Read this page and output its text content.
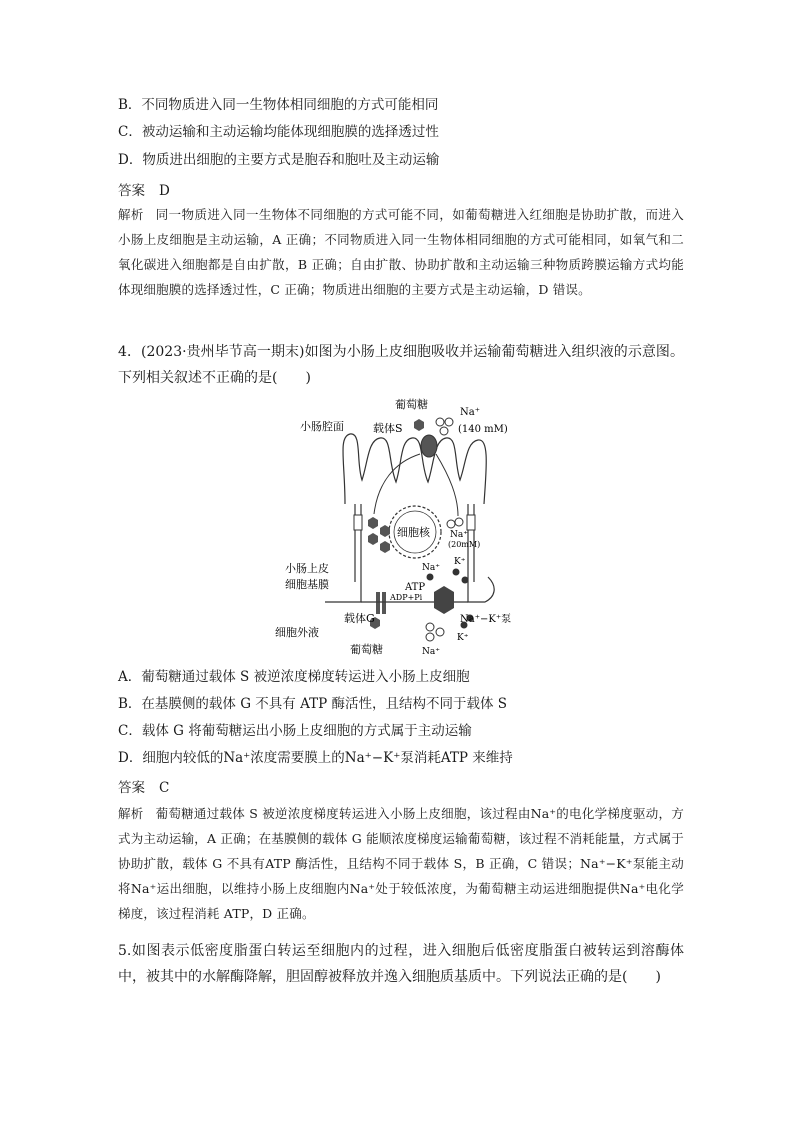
B．不同物质进入同一生物体相同细胞的方式可能相同
C．被动运输和主动运输均能体现细胞膜的选择透过性
D．物质进出细胞的主要方式是胞吞和胞吐及主动运输
答案 D
解析 同一物质进入同一生物体不同细胞的方式可能不同，如葡萄糖进入红细胞是协助扩散，而进入小肠上皮细胞是主动运输，A 正确；不同物质进入同一生物体相同细胞的方式可能相同，如氧气和二氧化碳进入细胞都是自由扩散，B 正确；自由扩散、协助扩散和主动运输三种物质跨膜运输方式均能体现细胞膜的选择透过性，C 正确；物质进出细胞的主要方式是主动运输，D 错误。
4．(2023·贵州毕节高一期末)如图为小肠上皮细胞吸收并运输葡萄糖进入组织液的示意图。下列相关叙述不正确的是(　　)
小肠腔面
葡萄糖
Na⁺
(140 mM)
载体S
细胞核 Na⁺
(20mM)
小肠上皮
细胞基膜	ATP
ADP+Pi
Na⁺
K⁺
Na⁺−K⁺泵
载体G
细胞外液
葡萄糖
K⁺
Na⁺
A．葡萄糖通过载体 S 被逆浓度梯度转运进入小肠上皮细胞
B．在基膜侧的载体 G 不具有 ATP 酶活性，且结构不同于载体 S
C．载体 G 将葡萄糖运出小肠上皮细胞的方式属于主动运输
D．细胞内较低的Na⁺浓度需要膜上的Na⁺−K⁺泵消耗ATP 来维持
答案 C
解析 葡萄糖通过载体 S 被逆浓度梯度转运进入小肠上皮细胞，该过程由Na⁺的电化学梯度驱动，方式为主动运输，A 正确；在基膜侧的载体 G 能顺浓度梯度运输葡萄糖，该过程不消耗能量，方式属于协助扩散，载体 G 不具有ATP 酶活性，且结构不同于载体 S，B 正确，C 错误；Na⁺−K⁺泵能主动将Na⁺运出细胞，以维持小肠上皮细胞内Na⁺处于较低浓度，为葡萄糖主动运进细胞提供Na⁺电化学梯度，该过程消耗 ATP，D 正确。
5.如图表示低密度脂蛋白转运至细胞内的过程，进入细胞后低密度脂蛋白被转运到溶酶体中，被其中的水解酶降解，胆固醇被释放并逸入细胞质基质中。下列说法正确的是(　　)
